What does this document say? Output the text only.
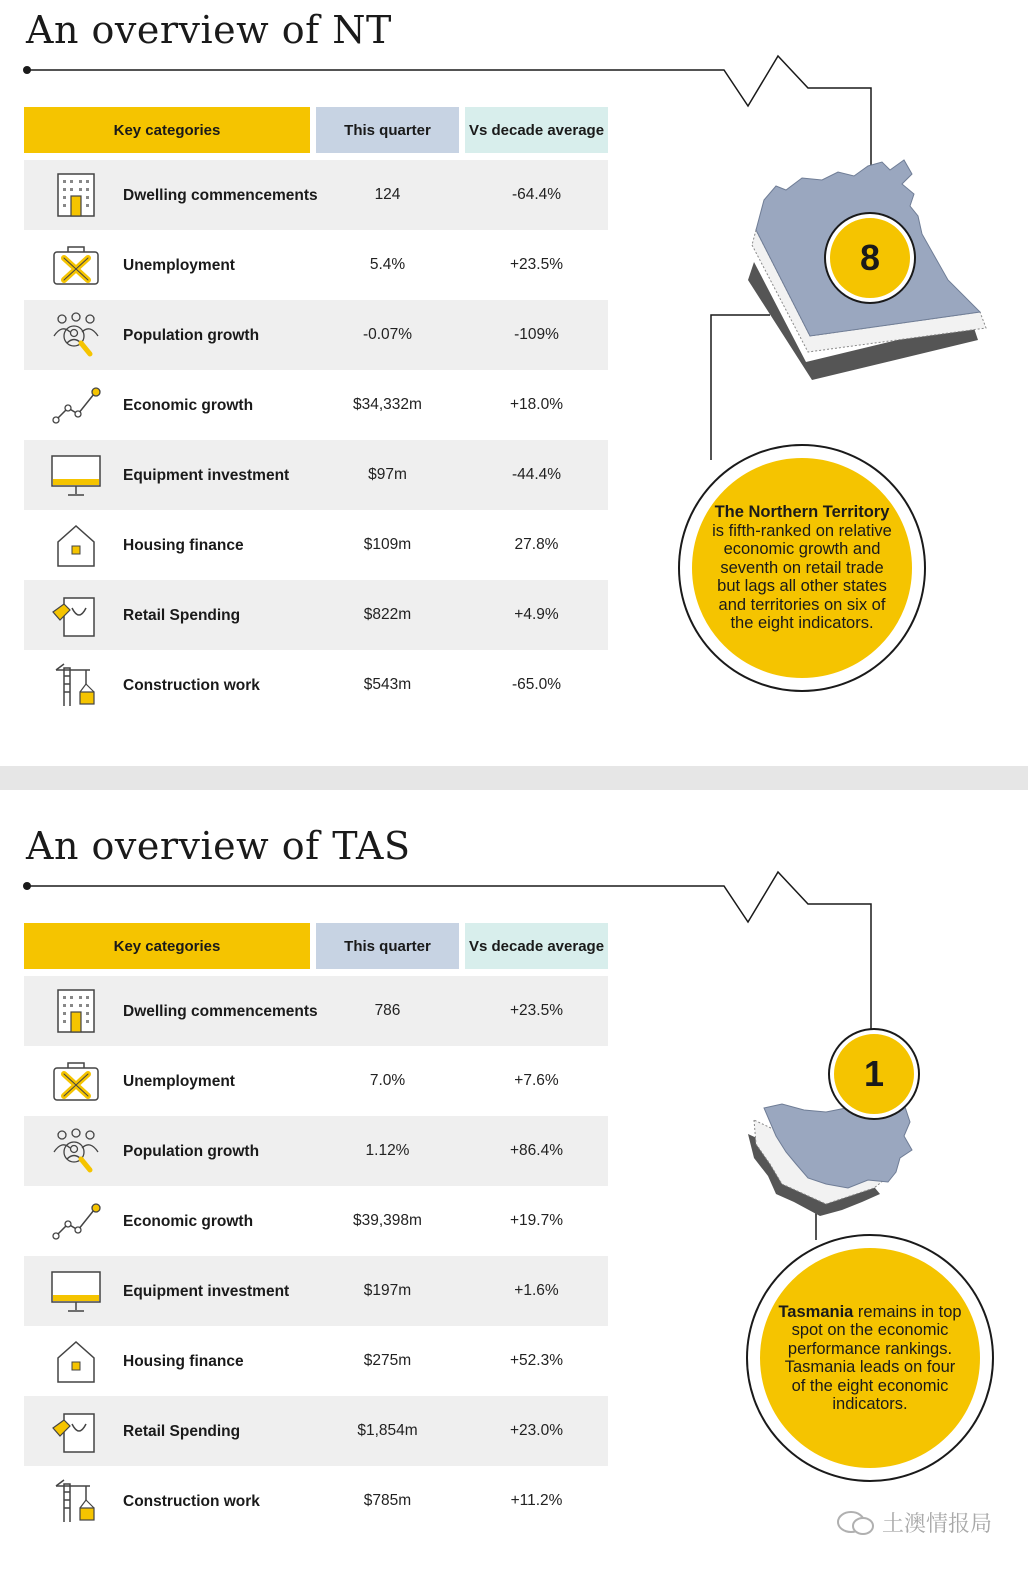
An overview of NT
Key categories	This quarter	Vs decade average
Dwelling commencements	124	-64.4%
Unemployment	5.4%	+23.5%
Population growth	-0.07%	-109%
Economic growth	$34,332m	+18.0%
Equipment investment	$97m	-44.4%
Housing finance	$109m	27.8%
Retail Spending	$822m	+4.9%
Construction work	$543m	-65.0%
8
The Northern Territory is fifth-ranked on relative economic growth and seventh on retail trade but lags all other states and territories on six of the eight indicators.
An overview of TAS
Key categories	This quarter	Vs decade average
Dwelling commencements	786	+23.5%
Unemployment	7.0%	+7.6%
Population growth	1.12%	+86.4%
Economic growth	$39,398m	+19.7%
Equipment investment	$197m	+1.6%
Housing finance	$275m	+52.3%
Retail Spending	$1,854m	+23.0%
Construction work	$785m	+11.2%
1
Tasmania remains in top spot on the economic performance rankings. Tasmania leads on four of the eight economic indicators.
土澳情报局
